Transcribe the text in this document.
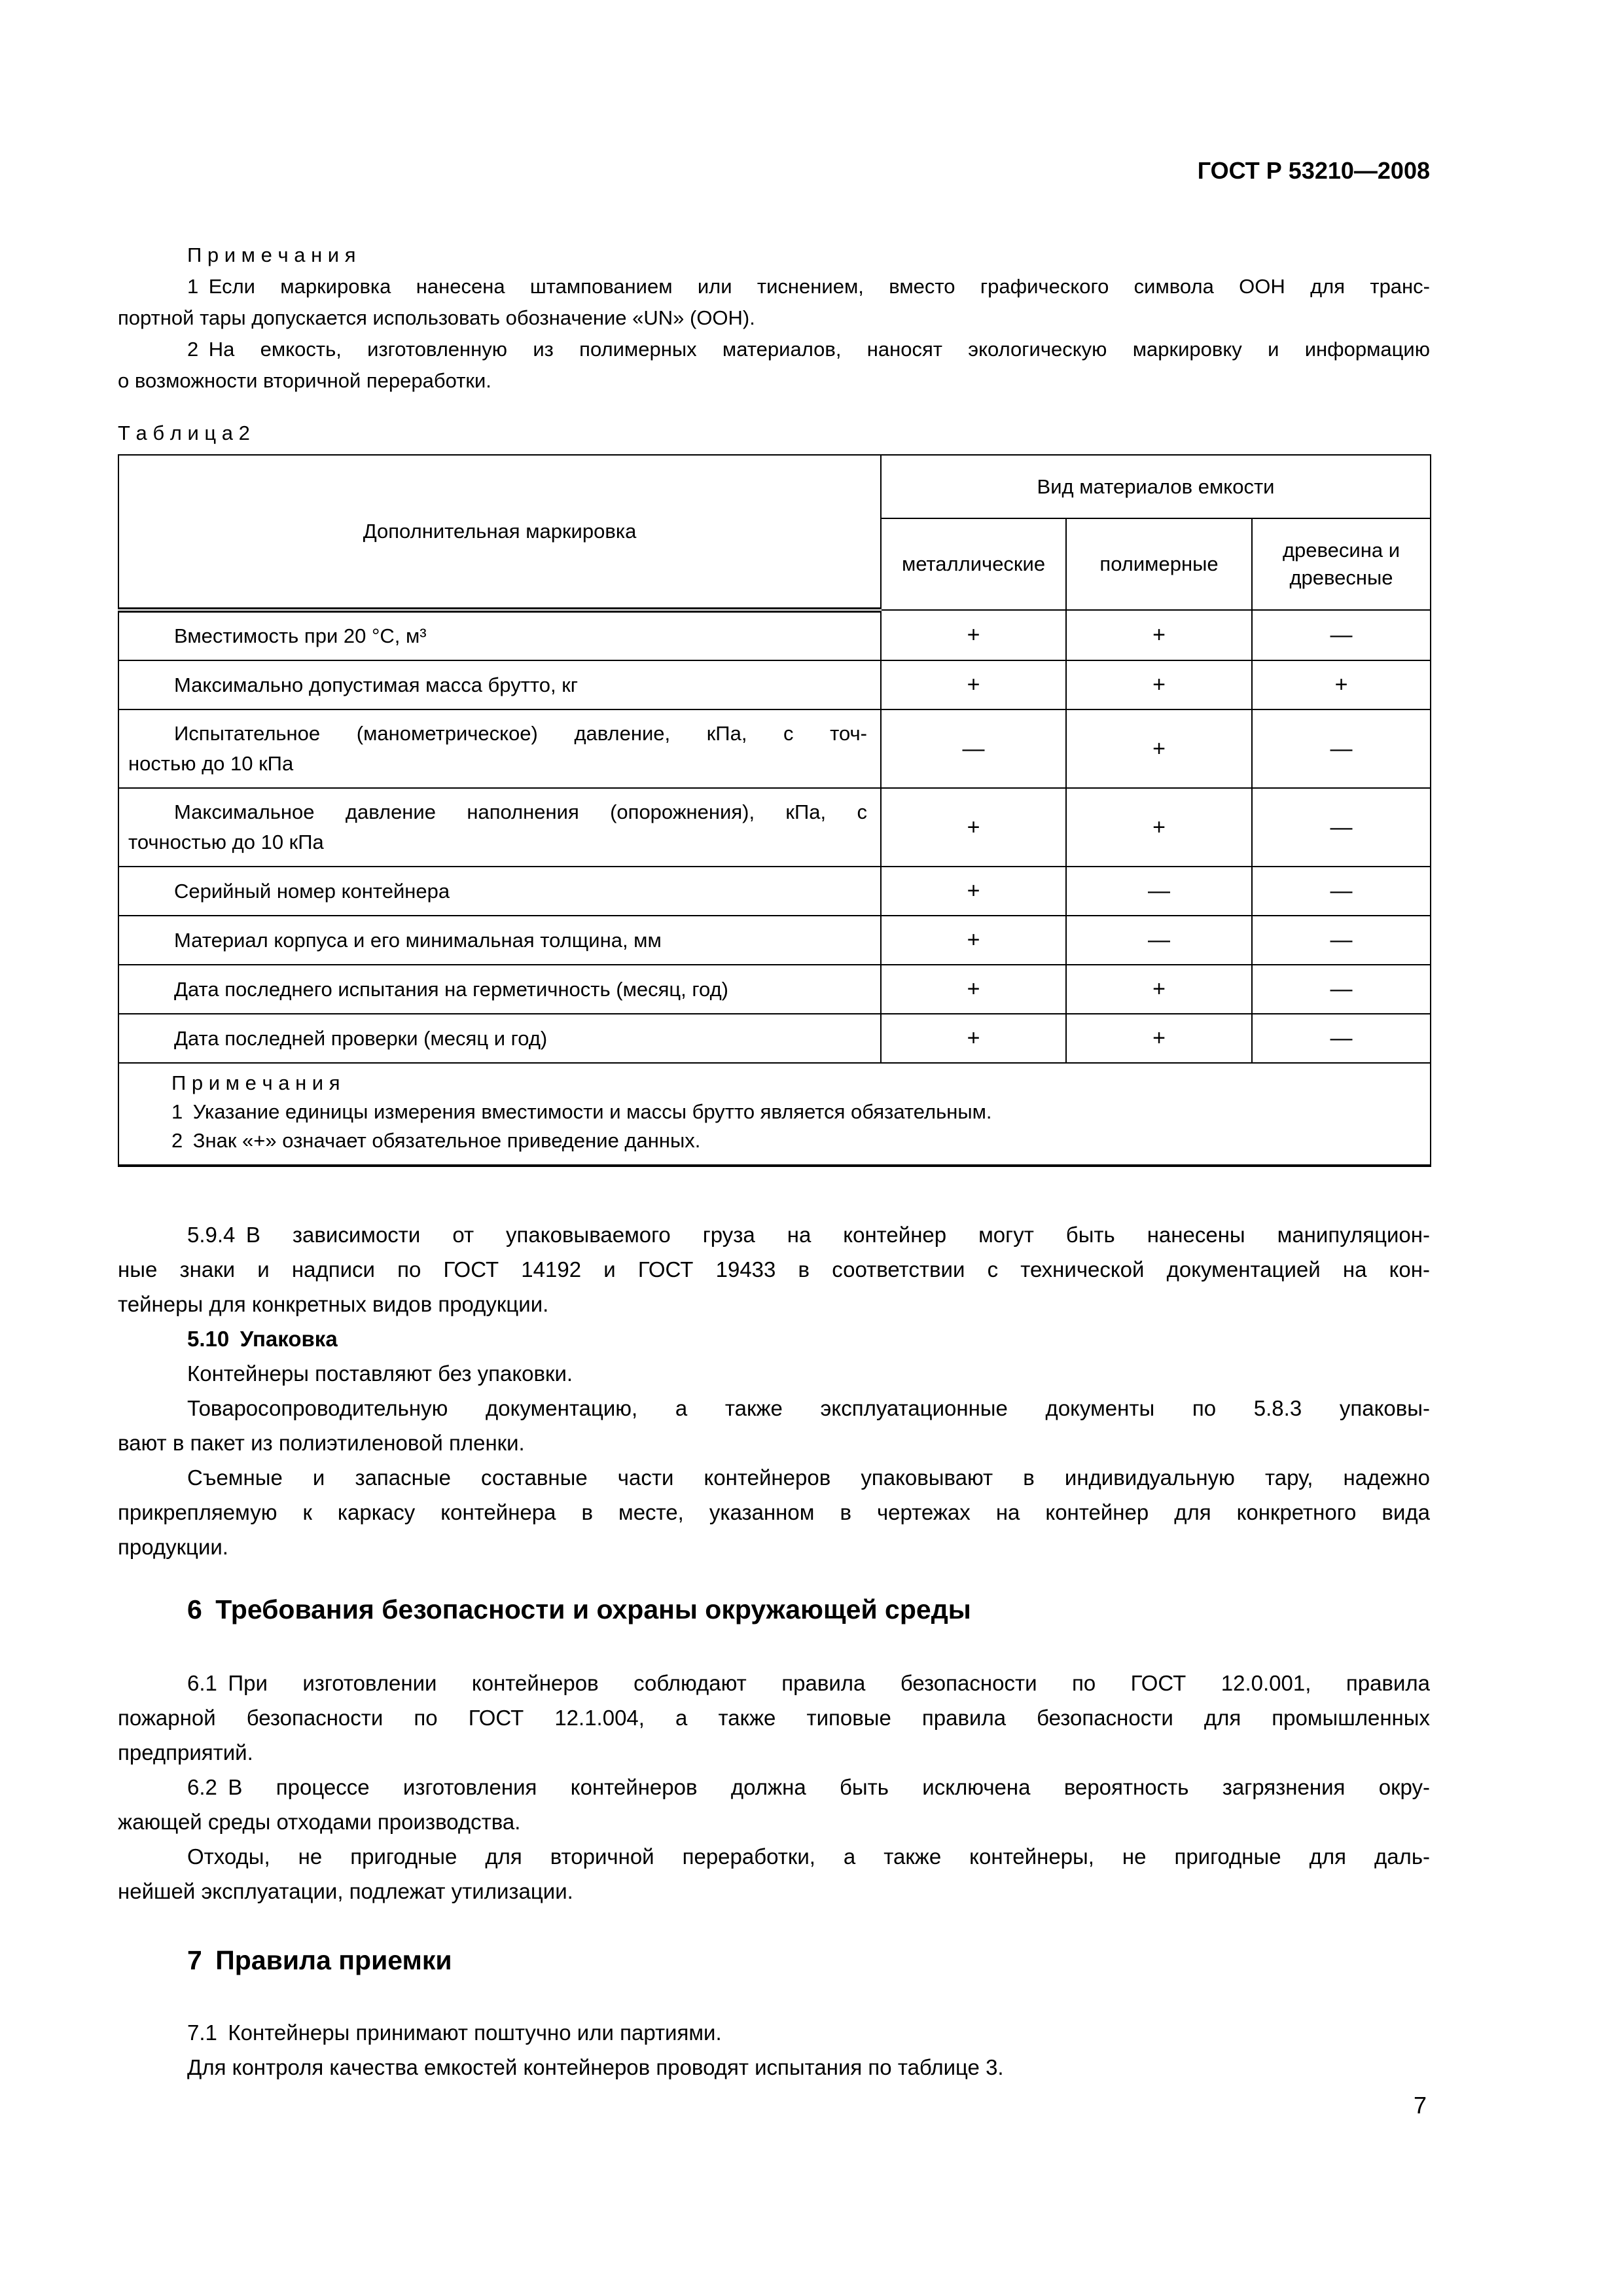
ГОСТ Р 53210—2008
П р и м е ч а н и я
1 Если маркировка нанесена штампованием или тиснением, вместо графического символа ООН для транс-
портной тары допускается использовать обозначение «UN» (ООН).
2 На емкость, изготовленную из полимерных материалов, наносят экологическую маркировку и информацию
о возможности вторичной переработки.
Т а б л и ц а 2
Дополнительная маркировка	Вид материалов емкости		
	металлические	полимерные	древесина и древесные

Вместимость при 20 °С, м³	+	+	—

Максимально допустимая масса брутто, кг	+	+	+

Испытательное (манометрическое) давление, кПа, с точ-
ностью до 10 кПа	—	+	—

Максимальное давление наполнения (опорожнения), кПа, с
точностью до 10 кПа	+	+	—

Серийный номер контейнера	+	—	—

Материал корпуса и его минимальная толщина, мм	+	—	—

Дата последнего испытания на герметичность (месяц, год)	+	+	—

Дата последней проверки (месяц и год)	+	+	—

П р и м е ч а н и я
1 Указание единицы измерения вместимости и массы брутто является обязательным.
2 Знак «+» означает обязательное приведение данных.			
5.9.4 В зависимости от упаковываемого груза на контейнер могут быть нанесены манипуляцион-
ные знаки и надписи по ГОСТ 14192 и ГОСТ 19433 в соответствии с технической документацией на кон-
тейнеры для конкретных видов продукции.
5.10 Упаковка
Контейнеры поставляют без упаковки.
Товаросопроводительную документацию, а также эксплуатационные документы по 5.8.3 упаковы-
вают в пакет из полиэтиленовой пленки.
Съемные и запасные составные части контейнеров упаковывают в индивидуальную тару, надежно
прикрепляемую к каркасу контейнера в месте, указанном в чертежах на контейнер для конкретного вида
продукции.
6 Требования безопасности и охраны окружающей среды
6.1 При изготовлении контейнеров соблюдают правила безопасности по ГОСТ 12.0.001, правила
пожарной безопасности по ГОСТ 12.1.004, а также типовые правила безопасности для промышленных
предприятий.
6.2 В процессе изготовления контейнеров должна быть исключена вероятность загрязнения окру-
жающей среды отходами производства.
Отходы, не пригодные для вторичной переработки, а также контейнеры, не пригодные для даль-
нейшей эксплуатации, подлежат утилизации.
7 Правила приемки
7.1 Контейнеры принимают поштучно или партиями.
Для контроля качества емкостей контейнеров проводят испытания по таблице 3.
7
